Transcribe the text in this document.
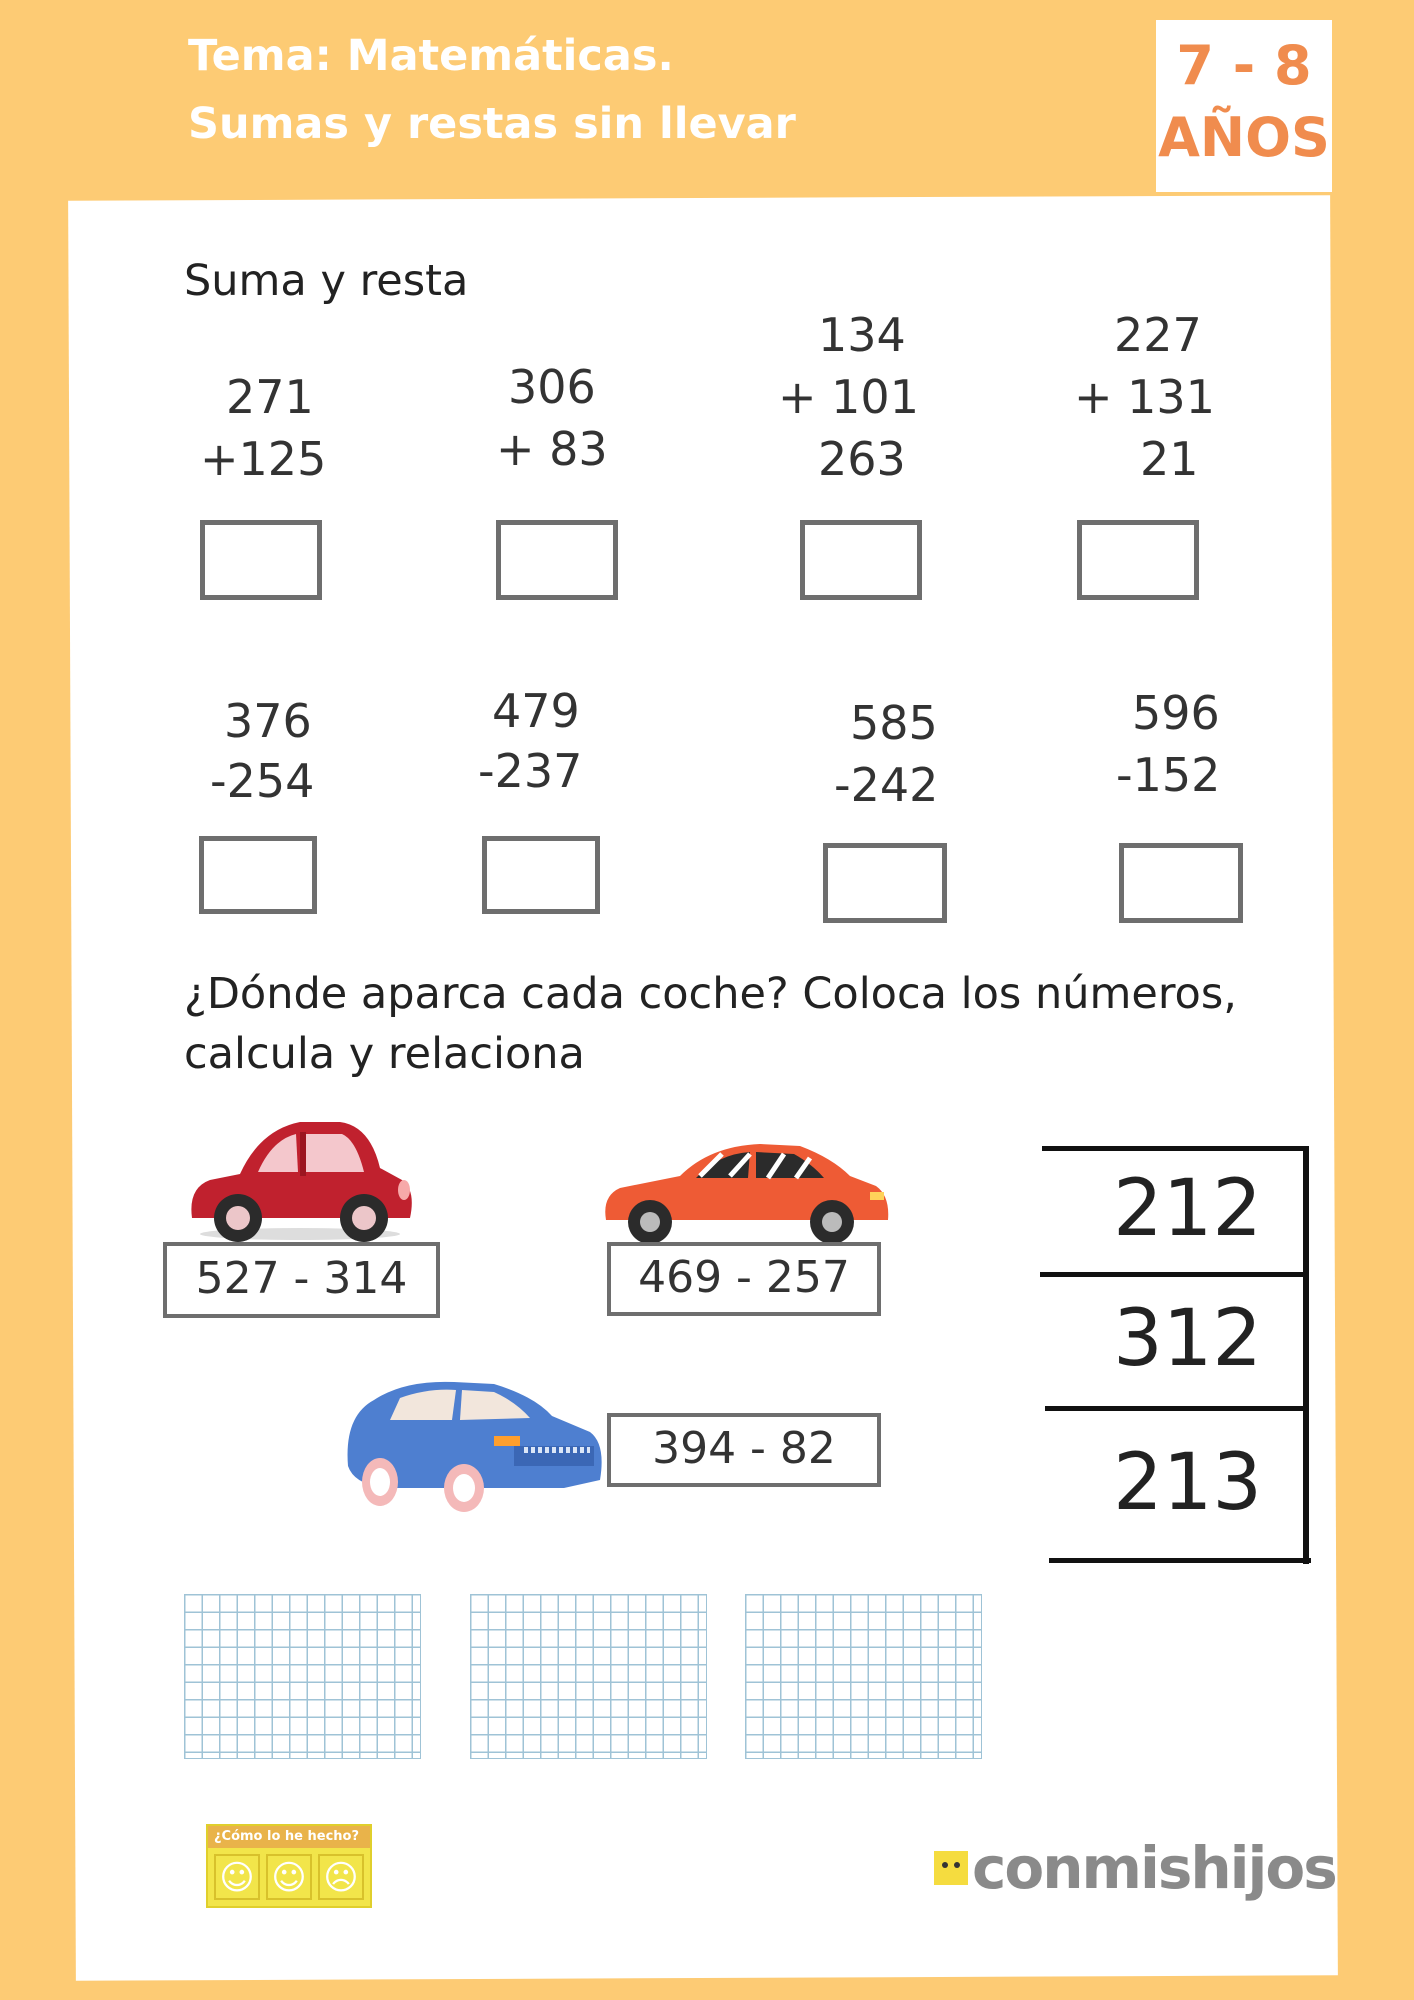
Tema: Matemáticas.
Sumas y restas sin llevar
7 - 8
AÑOS
Suma y resta
271
+125
306
+ 83
134
+ 101
263
227
+ 131
21
376
-254
479
-237
585
-242
596
-152
¿Dónde aparca cada coche? Coloca los números,
calcula y relaciona
527 - 314	469 - 257
394 - 82
212
312
213
¿Cómo lo he hecho?
☺ ☺ ☹	conmishijos
